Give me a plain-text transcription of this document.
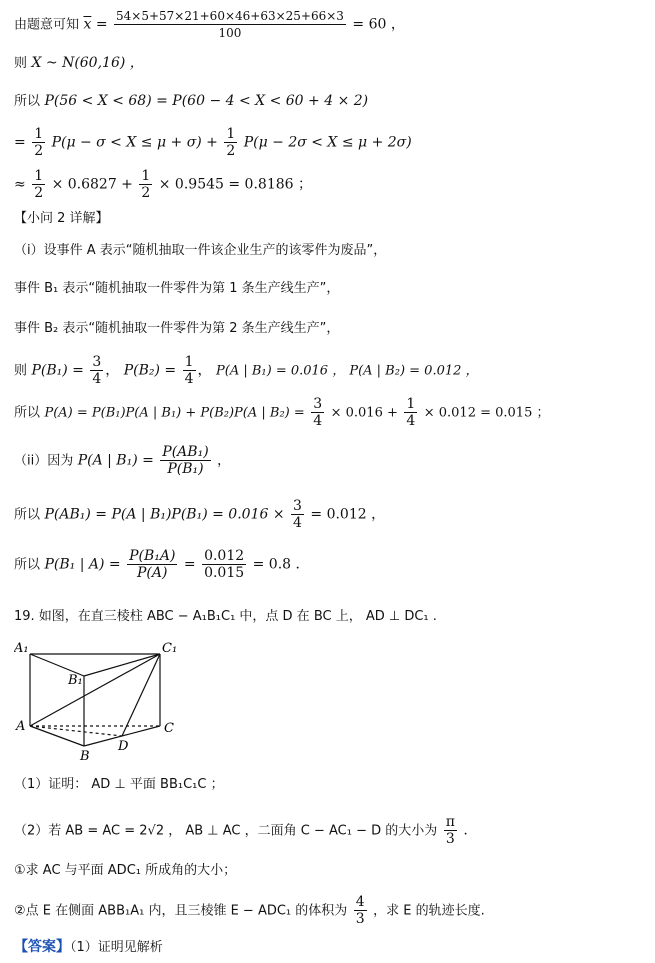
由题意可知 $\overline{x} = \frac{54\times 5+57\times 21+60\times 46+63\times 25+66\times 3}{100} = 60$ ，
则 X ~ N(60,16) ，
所以 P(56 < X < 68) = P(60 − 4 < X < 60 + 4 × 2)
= $\frac{1}{2} P(\mu - \sigma < X \le \mu + \sigma) + \frac{1}{2} P(\mu - 2\sigma < X \le \mu + 2\sigma)$
≈ $\frac{1}{2} \times 0.6827 + \frac{1}{2} \times 0.9545 = 0.8186$ ；
【小问 2 详解】
（i）设事件 A 表示“随机抽取一件该企业生产的该零件为废品”，
事件 B₁ 表示“随机抽取一件零件为第 1 条生产线生产”，
事件 B₂ 表示“随机抽取一件零件为第 2 条生产线生产”，
则 $P(B_1) = \frac{3}{4}$ ， $P(B_2) = \frac{1}{4}$ ， P(A | B₁) = 0.016 ， P(A | B₂) = 0.012 ，
所以 P(A) = P(B₁)P(A | B₁) + P(B₂)P(A | $B_2) = \frac{3}{4} \times 0.016 + \frac{1}{4} \times 0.012 = 0.015$ ；
（ii）因为 P(A | $B_1) = \frac{\text{P(AB₁)}}{\text{P(B₁)}}$ ，
所以 P(AB₁) = P(A | $B_1)P(B_1) = 0.016 \times \frac{3}{4} = 0.012$ ，
所以 P(B₁ | $A) = \frac{\text{P(B₁A)}}{P(A)} = \frac{0.012}{0.015} = 0.8$ ．
19. 如图，在直三棱柱 ABC − A₁B₁C₁ 中，点 D 在 BC 上， AD ⊥ DC₁ .
A₁
B₁
C₁
A
B
C
D
（1）证明： AD ⊥ 平面 BB₁C₁C ；
（2）若 AB = AC = 2√2 ， AB ⊥ AC ，二面角 C − AC₁ − D 的大小为 $\frac{\pi}{3}$ .
①求 AC 与平面 ADC₁ 所成角的大小；
②点 E 在侧面 ABB₁A₁ 内，且三棱锥 E − ADC₁ 的体积为 $\frac{4}{3}$ ，求 E 的轨迹长度.
【答案】（1）证明见解析
